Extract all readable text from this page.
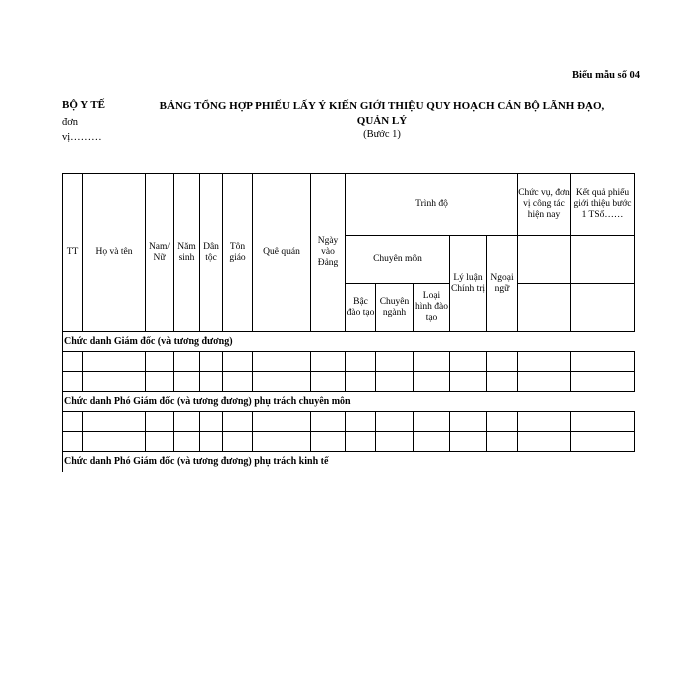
Biểu mẫu số 04
BỘ Y TẾ
đơn
vị………
BẢNG TỔNG HỢP PHIẾU LẤY Ý KIẾN GIỚI THIỆU QUY HOẠCH CÁN BỘ LÃNH ĐẠO,
QUẢN LÝ
(Bước 1)
TT	Họ và tên	Nam/ Nữ	Năm sinh	Dân tộc	Tôn giáo	Quê quán	Ngày vào Đảng	Trình độ					Chức vụ, đơn vị công tác hiện nay	Kết quả phiếu giới thiệu bước 1 TSố……
								Chuyên môn			Lý luận Chính trị	Ngoại ngữ		
								Bậc đào tạo	Chuyên ngành	Loại hình đào tạo				
Chức danh Giám đốc (và tương đương)														

Chức danh Phó Giám đốc (và tương đương) phụ trách chuyên môn														

Chức danh Phó Giám đốc (và tương đương) phụ trách kinh tế														
